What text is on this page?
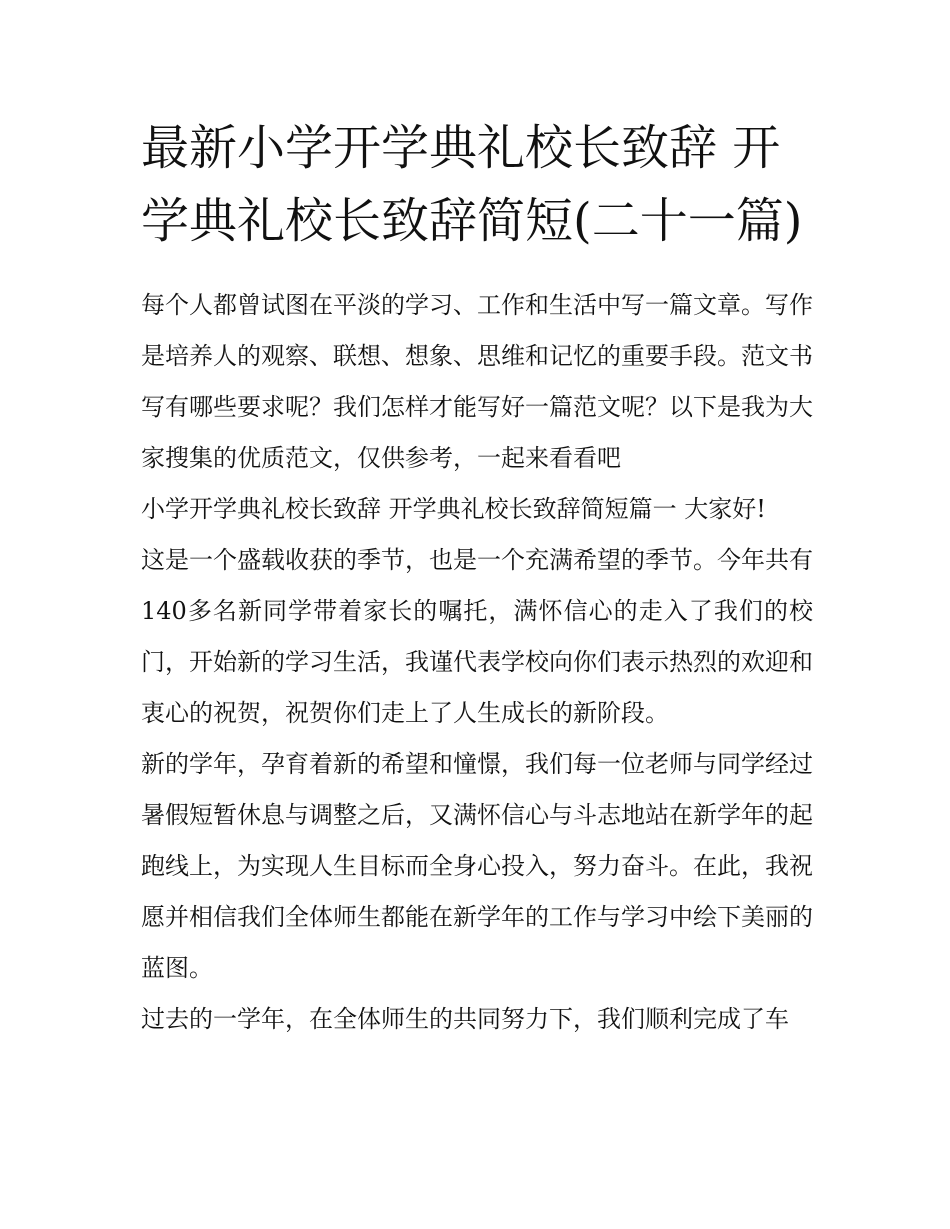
最新小学开学典礼校长致辞 开学典礼校长致辞简短(二十一篇)

每个人都曾试图在平淡的学习、工作和生活中写一篇文章。写作是培养人的观察、联想、想象、思维和记忆的重要手段。范文书写有哪些要求呢？我们怎样才能写好一篇范文呢？以下是我为大家搜集的优质范文，仅供参考，一起来看看吧

小学开学典礼校长致辞 开学典礼校长致辞简短篇一 大家好!

这是一个盛载收获的季节，也是一个充满希望的季节。今年共有140多名新同学带着家长的嘱托，满怀信心的走入了我们的校门，开始新的学习生活，我谨代表学校向你们表示热烈的欢迎和衷心的祝贺，祝贺你们走上了人生成长的新阶段。

新的学年，孕育着新的希望和憧憬，我们每一位老师与同学经过暑假短暂休息与调整之后，又满怀信心与斗志地站在新学年的起跑线上，为实现人生目标而全身心投入，努力奋斗。在此，我祝愿并相信我们全体师生都能在新学年的工作与学习中绘下美丽的蓝图。

过去的一学年，在全体师生的共同努力下，我们顺利完成了车
